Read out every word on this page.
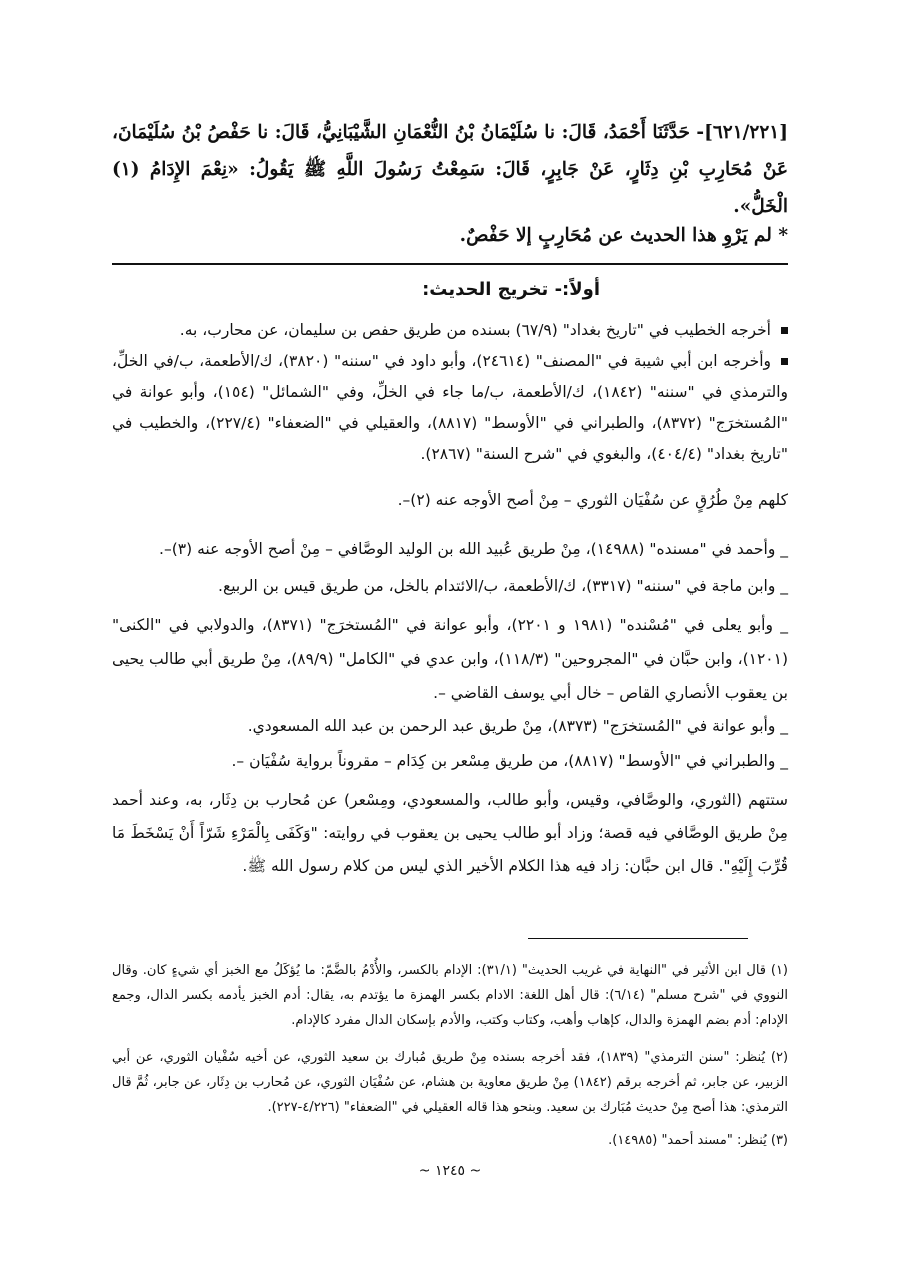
[٦٢١/٢٢١]- حَدَّثَنَا أَحْمَدُ، قَالَ: نا سُلَيْمَانُ بْنُ النُّعْمَانِ الشَّيْبَانِيُّ، قَالَ: نا حَفْصُ بْنُ سُلَيْمَانَ، عَنْ مُحَارِبِ بْنِ دِثَارٍ، عَنْ جَابِرٍ، قَالَ: سَمِعْتُ رَسُولَ اللَّهِ ﷺ يَقُولُ: «نِعْمَ الإِدَامُ (١) الْخَلُّ».
* لم يَرْوِ هذا الحديث عن مُحَارِبٍ إلا حَفْصٌ.
أولاً:- تخريج الحديث:
أخرجه الخطيب في "تاريخ بغداد" (٦٧/٩) بسنده من طريق حفص بن سليمان، عن محارب، به.
وأخرجه ابن أبي شيبة في "المصنف" (٢٤٦١٤)، وأبو داود في "سننه" (٣٨٢٠)، ك/الأطعمة، ب/في الخلِّ، والترمذي في "سننه" (١٨٤٢)، ك/الأطعمة، ب/ما جاء في الخلِّ، وفي "الشمائل" (١٥٤)، وأبو عوانة في "المُستخرَج" (٨٣٧٢)، والطبراني في "الأوسط" (٨٨١٧)، والعقيلي في "الضعفاء" (٢٢٧/٤)، والخطيب في "تاريخ بغداد" (٤٠٤/٤)، والبغوي في "شرح السنة" (٢٨٦٧).
كلهم مِنْ طُرُقٍ عن سُفْيَان الثوري – مِنْ أصح الأوجه عنه (٢)–.
_ وأحمد في "مسنده" (١٤٩٨٨)، مِنْ طريق عُبيد الله بن الوليد الوصَّافي – مِنْ أصح الأوجه عنه (٣)–.
_ وابن ماجة في "سننه" (٣٣١٧)، ك/الأطعمة، ب/الائتدام بالخل، من طريق قيس بن الربيع.
_ وأبو يعلى في "مُسْنده" (١٩٨١ و ٢٢٠١)، وأبو عوانة في "المُستخرَج" (٨٣٧١)، والدولابي في "الكنى" (١٢٠١)، وابن حبَّان في "المجروحين" (١١٨/٣)، وابن عدي في "الكامل" (٨٩/٩)، مِنْ طريق أبي طالب يحيى بن يعقوب الأنصاري القاص – خال أبي يوسف القاضي –.
_ وأبو عوانة في "المُستخرَج" (٨٣٧٣)، مِنْ طريق عبد الرحمن بن عبد الله المسعودي.
_ والطبراني في "الأوسط" (٨٨١٧)، من طريق مِسْعر بن كِدَام – مقروناً برواية سُفْيَان –.
ستتهم (الثوري، والوصَّافي، وقيس، وأبو طالب، والمسعودي، ومِسْعر) عن مُحارب بن دِثَار، به، وعند أحمد مِنْ طريق الوصَّافي فيه قصة؛ وزاد أبو طالب يحيى بن يعقوب في روايته: "وَكَفَى بِالْمَرْءِ شَرّاً أَنْ يَسْخَطَ مَا قُرِّبَ إِلَيْهِ". قال ابن حبَّان: زاد فيه هذا الكلام الأخير الذي ليس من كلام رسول الله ﷺ.
(١) قال ابن الأثير في "النهاية في غريب الحديث" (٣١/١): الإدام بالكسر، والأُدْمُ بالضَّمّ: ما يُؤكَلُ مع الخبز أي شيءٍ كان. وقال النووي في "شرح مسلم" (٦/١٤): قال أهل اللغة: الادام بكسر الهمزة ما يؤتدم به، يقال: أدم الخبز يأدمه بكسر الدال، وجمع الإدام: أدم بضم الهمزة والدال، كإهاب وأهب، وكتاب وكتب، والأدم بإسكان الدال مفرد كالإدام.
(٢) يُنظر: "سنن الترمذي" (١٨٣٩)، فقد أخرجه بسنده مِنْ طريق مُبارك بن سعيد الثوري، عن أخيه سُفْيان الثوري، عن أبي الزبير، عن جابر، ثم أخرجه برقم (١٨٤٢) مِنْ طريق معاوية بن هشام، عن سُفْيَان الثوري، عن مُحارب بن دِثَار، عن جابر، ثُمَّ قال الترمذي: هذا أصح مِنْ حديث مُبَارك بن سعيد. وبنحو هذا قاله العقيلي في "الضعفاء" (٤/٢٢٦-٢٢٧).
(٣) يُنظر: "مسند أحمد" (١٤٩٨٥).
~ ١٢٤٥ ~
